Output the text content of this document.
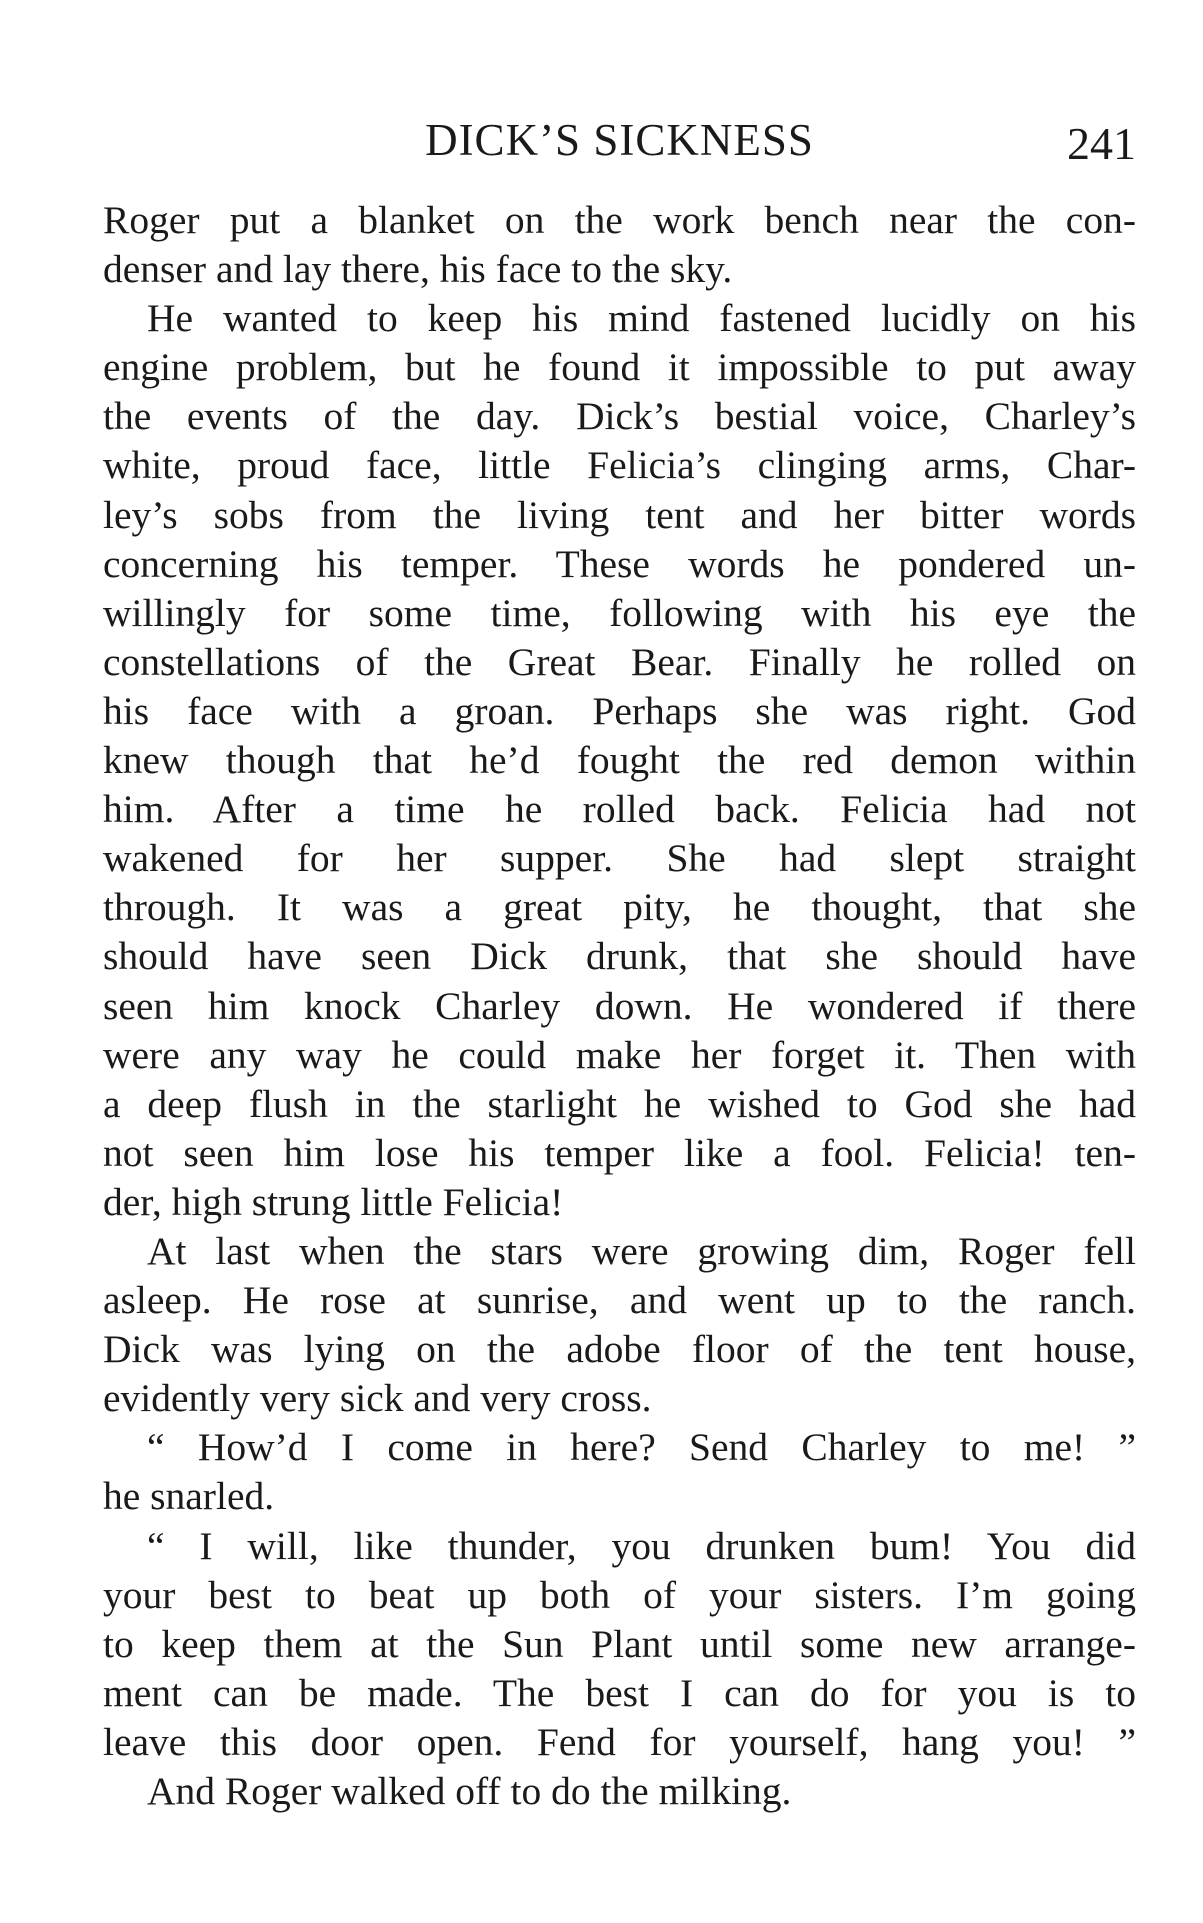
DICK’S SICKNESS	241
Roger put a blanket on the work bench near the con-
denser and lay there, his face to the sky.
He wanted to keep his mind fastened lucidly on his
engine problem, but he found it impossible to put away
the events of the day. Dick’s bestial voice, Charley’s
white, proud face, little Felicia’s clinging arms, Char-
ley’s sobs from the living tent and her bitter words
concerning his temper. These words he pondered un-
willingly for some time, following with his eye the
constellations of the Great Bear. Finally he rolled on
his face with a groan. Perhaps she was right. God
knew though that he’d fought the red demon within
him. After a time he rolled back. Felicia had not
wakened for her supper. She had slept straight
through. It was a great pity, he thought, that she
should have seen Dick drunk, that she should have
seen him knock Charley down. He wondered if there
were any way he could make her forget it. Then with
a deep flush in the starlight he wished to God she had
not seen him lose his temper like a fool. Felicia! ten-
der, high strung little Felicia!
At last when the stars were growing dim, Roger fell
asleep. He rose at sunrise, and went up to the ranch.
Dick was lying on the adobe floor of the tent house,
evidently very sick and very cross.
“ How’d I come in here? Send Charley to me! ”
he snarled.
“ I will, like thunder, you drunken bum! You did
your best to beat up both of your sisters. I’m going
to keep them at the Sun Plant until some new arrange-
ment can be made. The best I can do for you is to
leave this door open. Fend for yourself, hang you! ”
And Roger walked off to do the milking.
